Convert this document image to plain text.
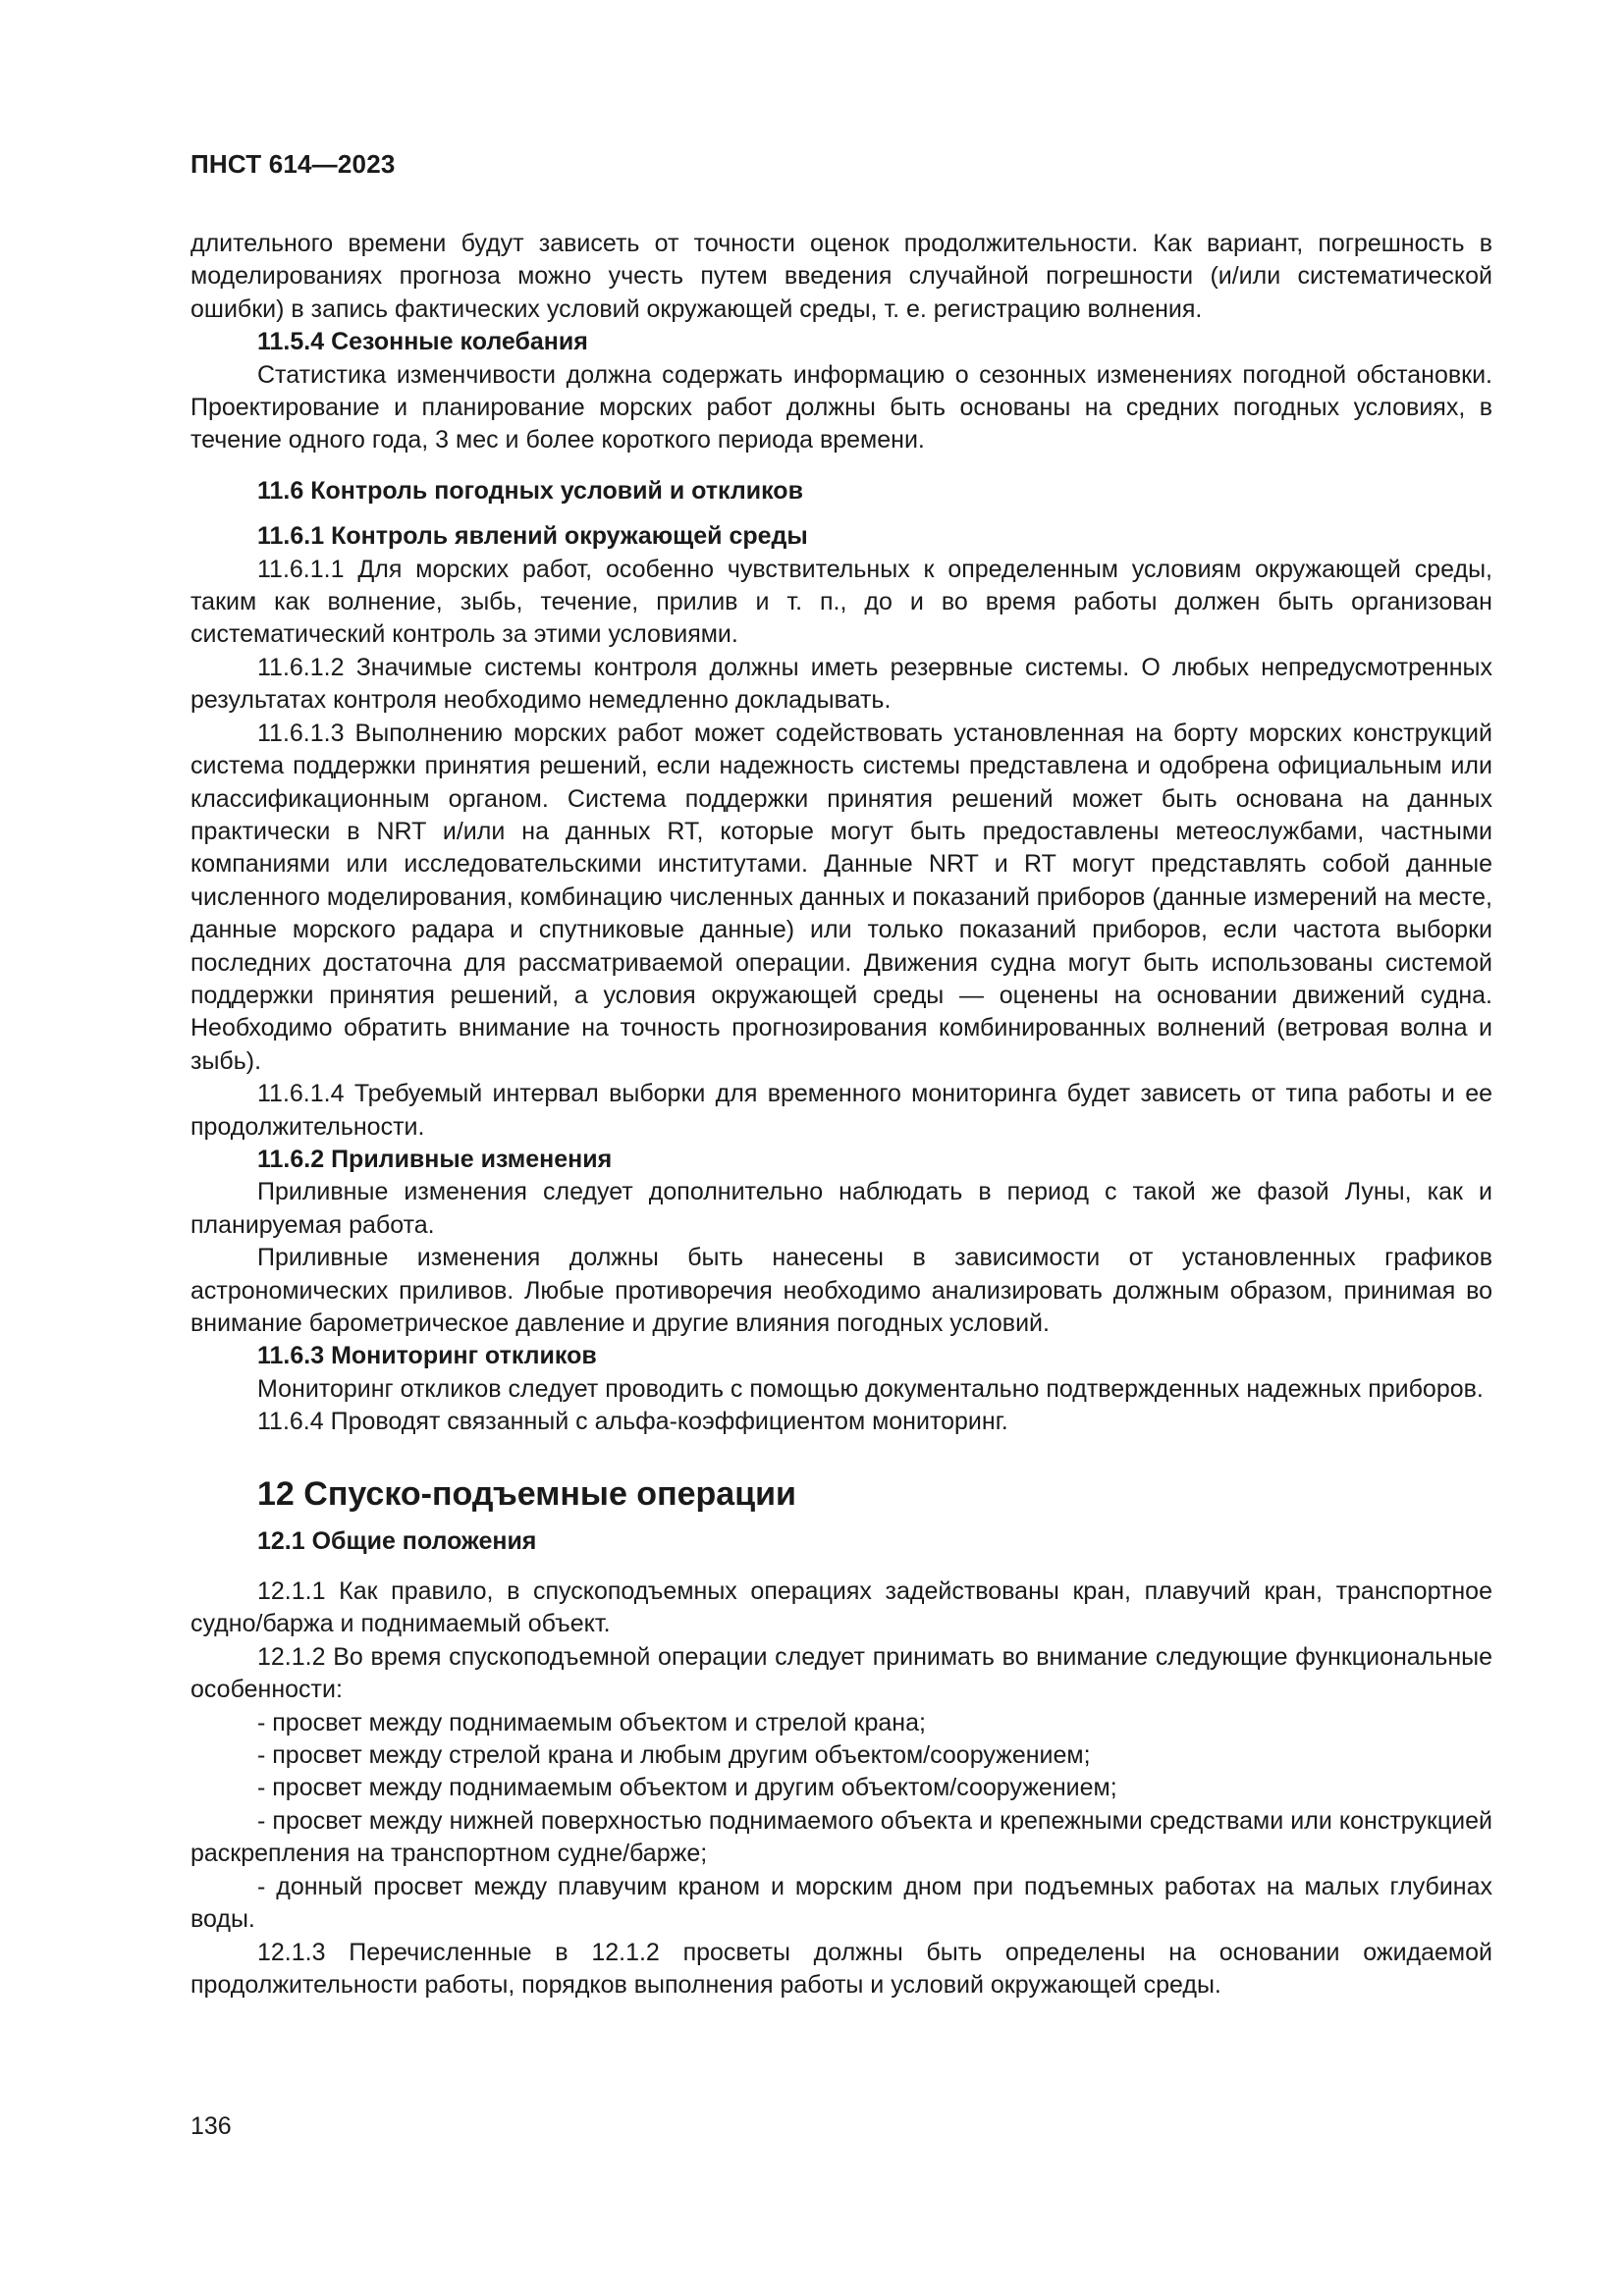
ПНСТ 614—2023

длительного времени будут зависеть от точности оценок продолжительности. Как вариант, погрешность в моделированиях прогноза можно учесть путем введения случайной погрешности (и/или систематической ошибки) в запись фактических условий окружающей среды, т. е. регистрацию волнения.

11.5.4 Сезонные колебания

Статистика изменчивости должна содержать информацию о сезонных изменениях погодной обстановки. Проектирование и планирование морских работ должны быть основаны на средних погодных условиях, в течение одного года, 3 мес и более короткого периода времени.

11.6 Контроль погодных условий и откликов

11.6.1 Контроль явлений окружающей среды

11.6.1.1 Для морских работ, особенно чувствительных к определенным условиям окружающей среды, таким как волнение, зыбь, течение, прилив и т. п., до и во время работы должен быть организован систематический контроль за этими условиями.

11.6.1.2 Значимые системы контроля должны иметь резервные системы. О любых непредусмотренных результатах контроля необходимо немедленно докладывать.

11.6.1.3 Выполнению морских работ может содействовать установленная на борту морских конструкций система поддержки принятия решений, если надежность системы представлена и одобрена официальным или классификационным органом. Система поддержки принятия решений может быть основана на данных практически в NRT и/или на данных RT, которые могут быть предоставлены метеослужбами, частными компаниями или исследовательскими институтами. Данные NRT и RT могут представлять собой данные численного моделирования, комбинацию численных данных и показаний приборов (данные измерений на месте, данные морского радара и спутниковые данные) или только показаний приборов, если частота выборки последних достаточна для рассматриваемой операции. Движения судна могут быть использованы системой поддержки принятия решений, а условия окружающей среды — оценены на основании движений судна. Необходимо обратить внимание на точность прогнозирования комбинированных волнений (ветровая волна и зыбь).

11.6.1.4 Требуемый интервал выборки для временного мониторинга будет зависеть от типа работы и ее продолжительности.

11.6.2 Приливные изменения

Приливные изменения следует дополнительно наблюдать в период с такой же фазой Луны, как и планируемая работа.

Приливные изменения должны быть нанесены в зависимости от установленных графиков астрономических приливов. Любые противоречия необходимо анализировать должным образом, принимая во внимание барометрическое давление и другие влияния погодных условий.

11.6.3 Мониторинг откликов

Мониторинг откликов следует проводить с помощью документально подтвержденных надежных приборов.

11.6.4 Проводят связанный с альфа-коэффициентом мониторинг.

12 Спуско-подъемные операции

12.1 Общие положения

12.1.1 Как правило, в спускоподъемных операциях задействованы кран, плавучий кран, транспортное судно/баржа и поднимаемый объект.

12.1.2 Во время спускоподъемной операции следует принимать во внимание следующие функциональные особенности:

- просвет между поднимаемым объектом и стрелой крана;

- просвет между стрелой крана и любым другим объектом/сооружением;

- просвет между поднимаемым объектом и другим объектом/сооружением;

- просвет между нижней поверхностью поднимаемого объекта и крепежными средствами или конструкцией раскрепления на транспортном судне/барже;

- донный просвет между плавучим краном и морским дном при подъемных работах на малых глубинах воды.

12.1.3 Перечисленные в 12.1.2 просветы должны быть определены на основании ожидаемой продолжительности работы, порядков выполнения работы и условий окружающей среды.

136
